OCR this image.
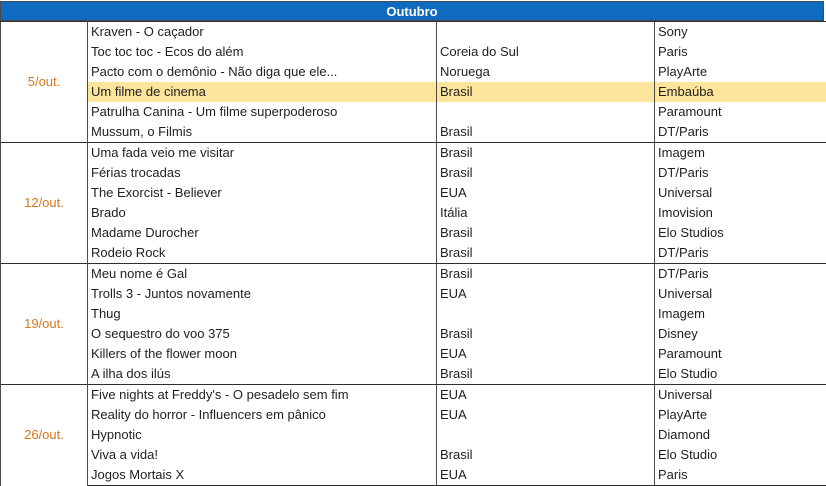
Outubro
5/out.	Kraven - O caçador		Sony
	Toc toc toc - Ecos do além	Coreia do Sul	Paris
	Pacto com o demônio - Não diga que ele...	Noruega	PlayArte
	Um filme de cinema	Brasil	Embaúba
	Patrulha Canina - Um filme superpoderoso		Paramount
	Mussum, o Filmis	Brasil	DT/Paris
12/out.	Uma fada veio me visitar	Brasil	Imagem
	Férias trocadas	Brasil	DT/Paris
	The Exorcist - Believer	EUA	Universal
	Brado	Itália	Imovision
	Madame Durocher	Brasil	Elo Studios
	Rodeio Rock	Brasil	DT/Paris
19/out.	Meu nome é Gal	Brasil	DT/Paris
	Trolls 3 - Juntos novamente	EUA	Universal
	Thug		Imagem
	O sequestro do voo 375	Brasil	Disney
	Killers of the flower moon	EUA	Paramount
	A ilha dos ilús	Brasil	Elo Studio
26/out.	Five nights at Freddy's - O pesadelo sem fim	EUA	Universal
	Reality do horror - Influencers em pânico	EUA	PlayArte
	Hypnotic		Diamond
	Viva a vida!	Brasil	Elo Studio
	Jogos Mortais X	EUA	Paris
